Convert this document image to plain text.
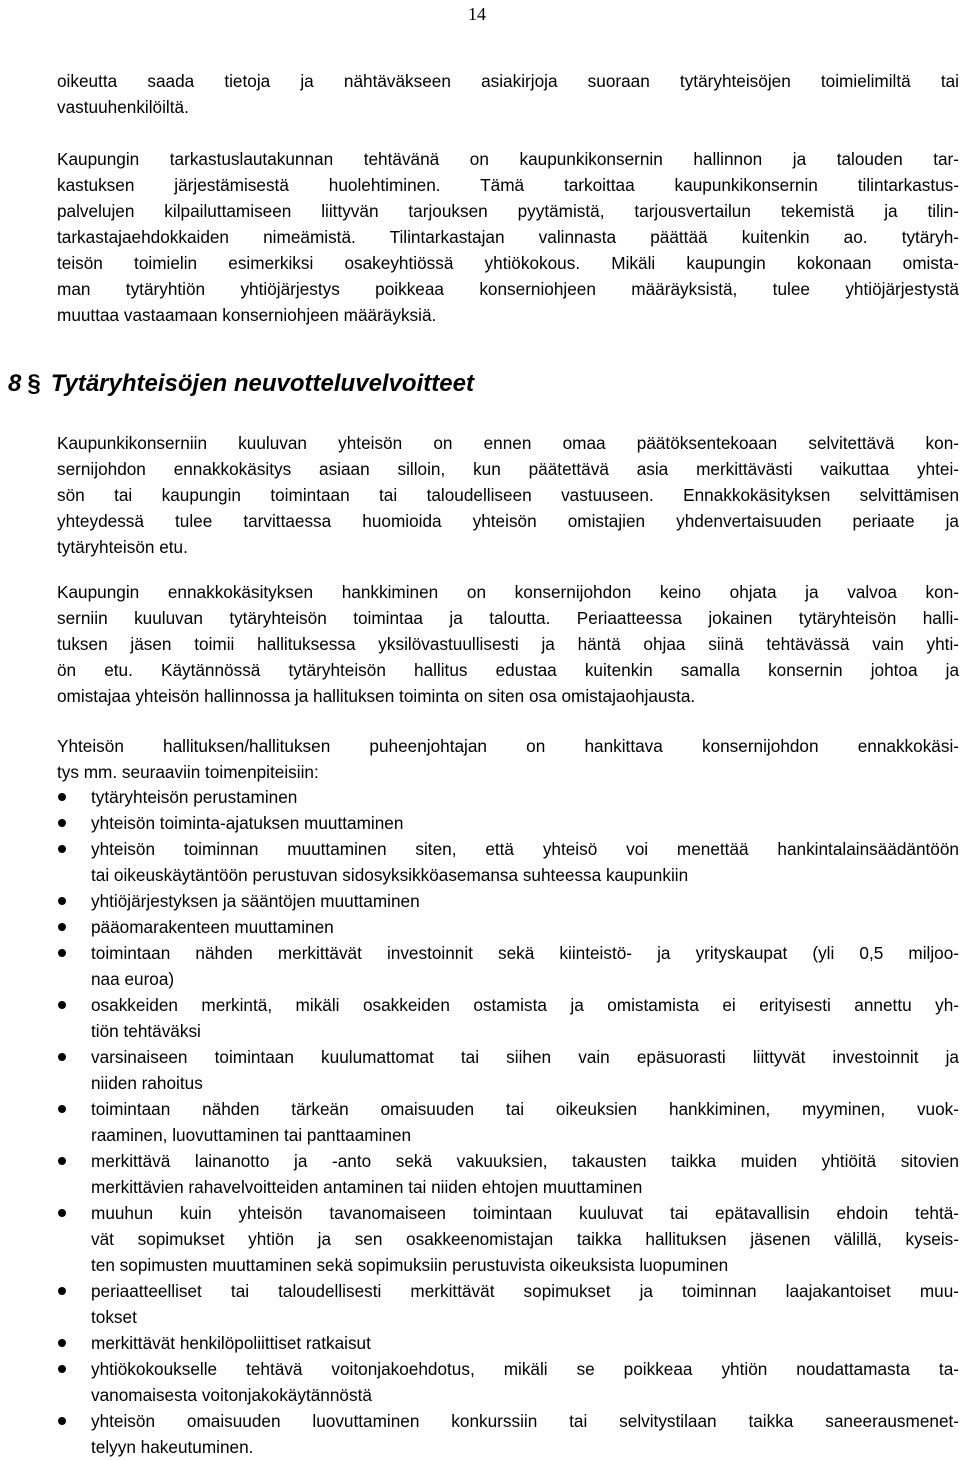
14
oikeutta saada tietoja ja nähtäväkseen asiakirjoja suoraan tytäryhteisöjen toimielimiltä tai
vastuuhenkilöiltä.
Kaupungin tarkastuslautakunnan tehtävänä on kaupunkikonsernin hallinnon ja talouden tar-
kastuksen järjestämisestä huolehtiminen. Tämä tarkoittaa kaupunkikonsernin tilintarkastus-
palvelujen kilpailuttamiseen liittyvän tarjouksen pyytämistä, tarjousvertailun tekemistä ja tilin-
tarkastajaehdokkaiden nimeämistä. Tilintarkastajan valinnasta päättää kuitenkin ao. tytäryh-
teisön toimielin esimerkiksi osakeyhtiössä yhtiökokous. Mikäli kaupungin kokonaan omista-
man tytäryhtiön yhtiöjärjestys poikkeaa konserniohjeen määräyksistä, tulee yhtiöjärjestystä
muuttaa vastaamaan konserniohjeen määräyksiä.
8 § Tytäryhteisöjen neuvotteluvelvoitteet
Kaupunkikonserniin kuuluvan yhteisön on ennen omaa päätöksentekoaan selvitettävä kon-
sernijohdon ennakkokäsitys asiaan silloin, kun päätettävä asia merkittävästi vaikuttaa yhtei-
sön tai kaupungin toimintaan tai taloudelliseen vastuuseen. Ennakkokäsityksen selvittämisen
yhteydessä tulee tarvittaessa huomioida yhteisön omistajien yhdenvertaisuuden periaate ja
tytäryhteisön etu.
Kaupungin ennakkokäsityksen hankkiminen on konsernijohdon keino ohjata ja valvoa kon-
serniin kuuluvan tytäryhteisön toimintaa ja taloutta. Periaatteessa jokainen tytäryhteisön halli-
tuksen jäsen toimii hallituksessa yksilövastuullisesti ja häntä ohjaa siinä tehtävässä vain yhti-
ön etu. Käytännössä tytäryhteisön hallitus edustaa kuitenkin samalla konsernin johtoa ja
omistajaa yhteisön hallinnossa ja hallituksen toiminta on siten osa omistajaohjausta.
Yhteisön hallituksen/hallituksen puheenjohtajan on hankittava konsernijohdon ennakkokäsi-
tys mm. seuraaviin toimenpiteisiin:
tytäryhteisön perustaminen
yhteisön toiminta-ajatuksen muuttaminen
yhteisön toiminnan muuttaminen siten, että yhteisö voi menettää hankintalainsäädäntöön
tai oikeuskäytäntöön perustuvan sidosyksikköasemansa suhteessa kaupunkiin
yhtiöjärjestyksen ja sääntöjen muuttaminen
pääomarakenteen muuttaminen
toimintaan nähden merkittävät investoinnit sekä kiinteistö- ja yrityskaupat (yli 0,5 miljoo-
naa euroa)
osakkeiden merkintä, mikäli osakkeiden ostamista ja omistamista ei erityisesti annettu yh-
tiön tehtäväksi
varsinaiseen toimintaan kuulumattomat tai siihen vain epäsuorasti liittyvät investoinnit ja
niiden rahoitus
toimintaan nähden tärkeän omaisuuden tai oikeuksien hankkiminen, myyminen, vuok-
raaminen, luovuttaminen tai panttaaminen
merkittävä lainanotto ja -anto sekä vakuuksien, takausten taikka muiden yhtiöitä sitovien
merkittävien rahavelvoitteiden antaminen tai niiden ehtojen muuttaminen
muuhun kuin yhteisön tavanomaiseen toimintaan kuuluvat tai epätavallisin ehdoin tehtä-
vät sopimukset yhtiön ja sen osakkeenomistajan taikka hallituksen jäsenen välillä, kyseis-
ten sopimusten muuttaminen sekä sopimuksiin perustuvista oikeuksista luopuminen
periaatteelliset tai taloudellisesti merkittävät sopimukset ja toiminnan laajakantoiset muu-
tokset
merkittävät henkilöpoliittiset ratkaisut
yhtiökokoukselle tehtävä voitonjakoehdotus, mikäli se poikkeaa yhtiön noudattamasta ta-
vanomaisesta voitonjakokäytännöstä
yhteisön omaisuuden luovuttaminen konkurssiin tai selvitystilaan taikka saneerausmenet-
telyyn hakeutuminen.
